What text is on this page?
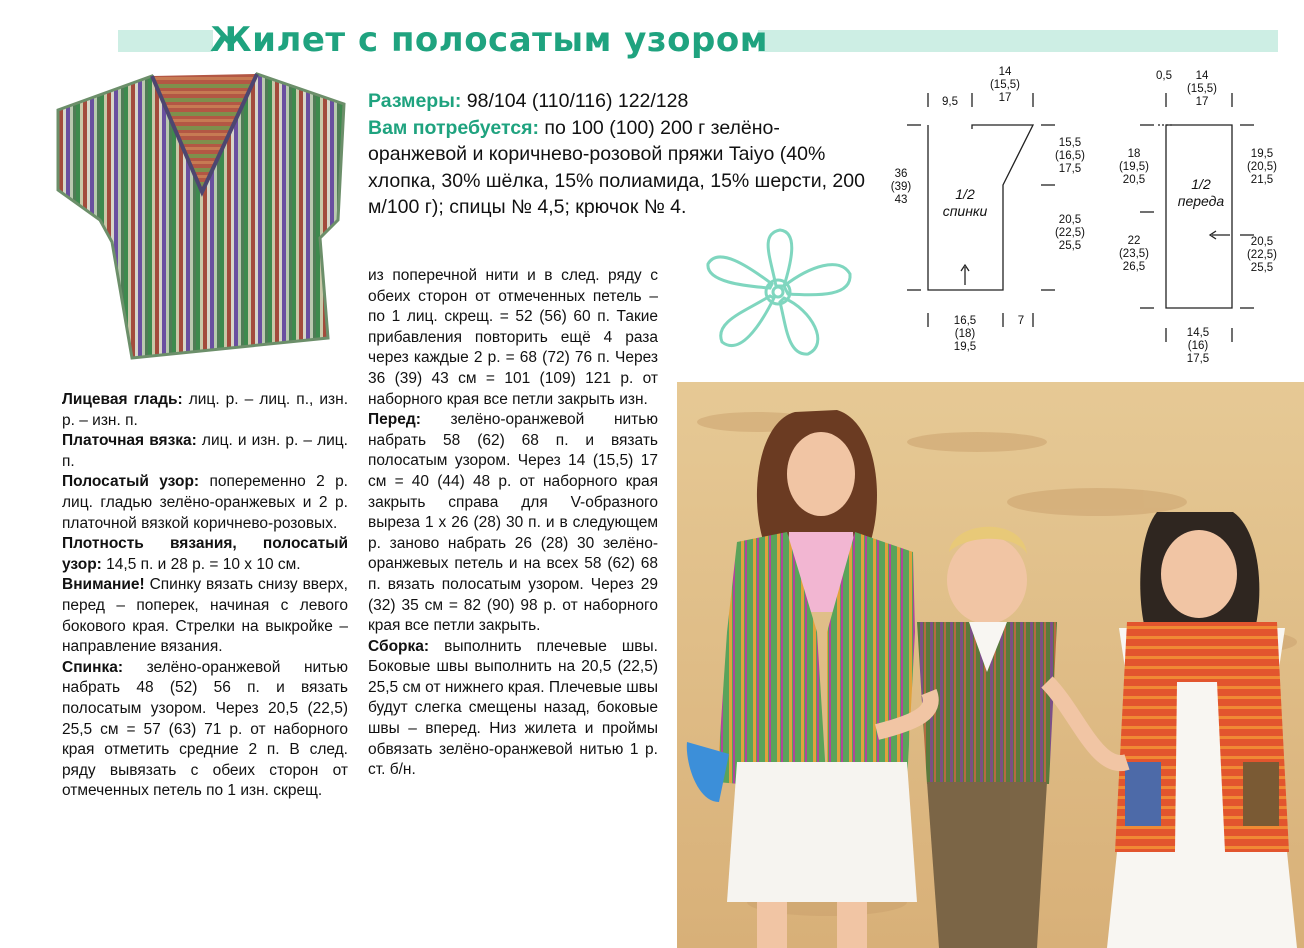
Жилет с полосатым узором
Размеры: 98/104 (110/116) 122/128
Вам потребуется: по 100 (100) 200 г зелёно-оранжевой и коричнево-розовой пряжи Taiyo (40% хлопка, 30% шёлка, 15% полиамида, 15% шерсти, 200 м/100 г); спицы № 4,5; крючок № 4.
1/2
спинки
9,5
14
(15,5)
17
36
(39)
43
15,5
(16,5)
17,5
20,5
(22,5)
25,5
16,5
(18)
19,5
7
1/2
переда
0,5	14
(15,5)
17
18
(19,5)
20,5
22
(23,5)
26,5
19,5
(20,5)
21,5
20,5
(22,5)
25,5
14,5
(16)
17,5

Лицевая гладь: лиц. р. – лиц. п., изн. р. – изн. п.

Платочная вязка: лиц. и изн. р. – лиц. п.

Полосатый узор: попеременно 2 р. лиц. гладью зелёно-оранжевых и 2 р. платочной вязкой коричнево-розовых.

Плотность вязания, полосатый узор: 14,5 п. и 28 р. = 10 х 10 см.

Внимание! Спинку вязать снизу вверх, перед – поперек, начиная с левого бокового края. Стрелки на выкройке – направление вязания.

Спинка: зелёно-оранжевой нитью набрать 48 (52) 56 п. и вязать полосатым узором. Через 20,5 (22,5) 25,5 см = 57 (63) 71 р. от наборного края отметить средние 2 п. В след. ряду вывязать с обеих сторон от отмеченных петель по 1 изн. скрещ.

из поперечной нити и в след. ряду с обеих сторон от отмеченных петель – по 1 лиц. скрещ. = 52 (56) 60 п. Такие прибавления повторить ещё 4 раза через каждые 2 р. = 68 (72) 76 п. Через 36 (39) 43 см = 101 (109) 121 р. от наборного края все петли закрыть изн.

Перед: зелёно-оранжевой нитью набрать 58 (62) 68 п. и вязать полосатым узором. Через 14 (15,5) 17 см = 40 (44) 48 р. от наборного края закрыть справа для V-образного выреза 1 х 26 (28) 30 п. и в следующем р. заново набрать 26 (28) 30 зелёно-оранжевых петель и на всех 58 (62) 68 п. вязать полосатым узором. Через 29 (32) 35 см = 82 (90) 98 р. от наборного края все петли закрыть.

Сборка: выполнить плечевые швы. Боковые швы выполнить на 20,5 (22,5) 25,5 см от нижнего края. Плечевые швы будут слегка смещены назад, боковые швы – вперед. Низ жилета и проймы обвязать зелёно-оранжевой нитью 1 р. ст. б/н.
